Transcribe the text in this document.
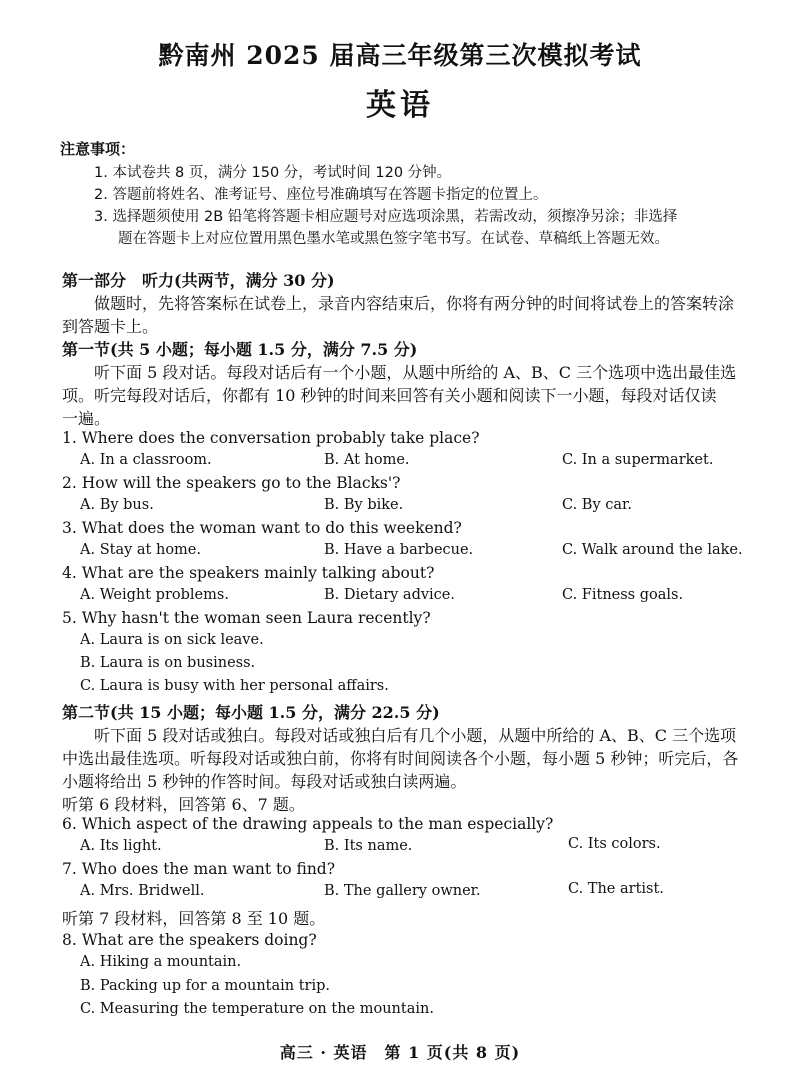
黔南州 2025 届高三年级第三次模拟考试
英语
注意事项：
1. 本试卷共 8 页，满分 150 分，考试时间 120 分钟。
2. 答题前将姓名、准考证号、座位号准确填写在答题卡指定的位置上。
3. 选择题须使用 2B 铅笔将答题卡相应题号对应选项涂黑，若需改动，须擦净另涂；非选择
题在答题卡上对应位置用黑色墨水笔或黑色签字笔书写。在试卷、草稿纸上答题无效。
第一部分　听力(共两节，满分 30 分)
做题时，先将答案标在试卷上，录音内容结束后，你将有两分钟的时间将试卷上的答案转涂
到答题卡上。
第一节(共 5 小题；每小题 1.5 分，满分 7.5 分)
听下面 5 段对话。每段对话后有一个小题，从题中所给的 A、B、C 三个选项中选出最佳选
项。听完每段对话后，你都有 10 秒钟的时间来回答有关小题和阅读下一小题，每段对话仅读
一遍。
1. Where does the conversation probably take place?
A. In a classroom.	B. At home.	C. In a supermarket.
2. How will the speakers go to the Blacks'?
A. By bus.	B. By bike.	C. By car.
3. What does the woman want to do this weekend?
A. Stay at home.	B. Have a barbecue.	C. Walk around the lake.
4. What are the speakers mainly talking about?
A. Weight problems.	B. Dietary advice.	C. Fitness goals.
5. Why hasn't the woman seen Laura recently?
A. Laura is on sick leave.
B. Laura is on business.
C. Laura is busy with her personal affairs.
第二节(共 15 小题；每小题 1.5 分，满分 22.5 分)
听下面 5 段对话或独白。每段对话或独白后有几个小题，从题中所给的 A、B、C 三个选项
中选出最佳选项。听每段对话或独白前，你将有时间阅读各个小题，每小题 5 秒钟；听完后，各
小题将给出 5 秒钟的作答时间。每段对话或独白读两遍。
听第 6 段材料，回答第 6、7 题。
6. Which aspect of the drawing appeals to the man especially?
A. Its light.	B. Its name.	C. Its colors.
7. Who does the man want to find?
A. Mrs. Bridwell.	B. The gallery owner.	C. The artist.
听第 7 段材料，回答第 8 至 10 题。
8. What are the speakers doing?
A. Hiking a mountain.
B. Packing up for a mountain trip.
C. Measuring the temperature on the mountain.
高三 · 英语　第 1 页(共 8 页)
